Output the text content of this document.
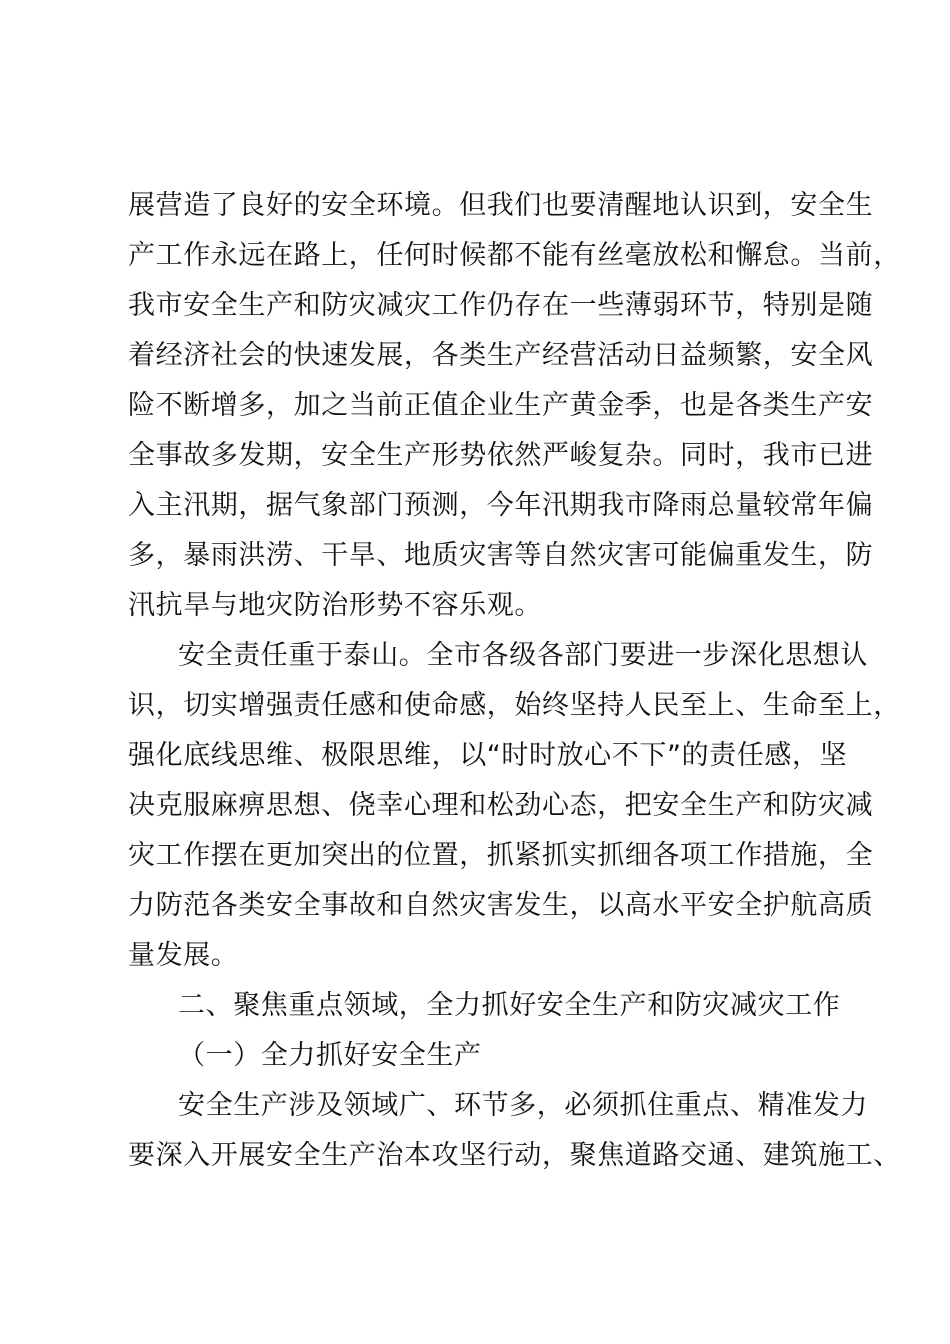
展营造了良好的安全环境。但我们也要清醒地认识到，安全生
产工作永远在路上，任何时候都不能有丝毫放松和懈怠。当前，
我市安全生产和防灾减灾工作仍存在一些薄弱环节，特别是随
着经济社会的快速发展，各类生产经营活动日益频繁，安全风
险不断增多，加之当前正值企业生产黄金季，也是各类生产安
全事故多发期，安全生产形势依然严峻复杂。同时，我市已进
入主汛期，据气象部门预测，今年汛期我市降雨总量较常年偏
多，暴雨洪涝、干旱、地质灾害等自然灾害可能偏重发生，防
汛抗旱与地灾防治形势不容乐观。
安全责任重于泰山。全市各级各部门要进一步深化思想认
识，切实增强责任感和使命感，始终坚持人民至上、生命至上，
强化底线思维、极限思维，以“时时放心不下”的责任感，坚
决克服麻痹思想、侥幸心理和松劲心态，把安全生产和防灾减
灾工作摆在更加突出的位置，抓紧抓实抓细各项工作措施，全
力防范各类安全事故和自然灾害发生，以高水平安全护航高质
量发展。
二、聚焦重点领域，全力抓好安全生产和防灾减灾工作
（一）全力抓好安全生产
安全生产涉及领域广、环节多，必须抓住重点、精准发力
要深入开展安全生产治本攻坚行动，聚焦道路交通、建筑施工、
